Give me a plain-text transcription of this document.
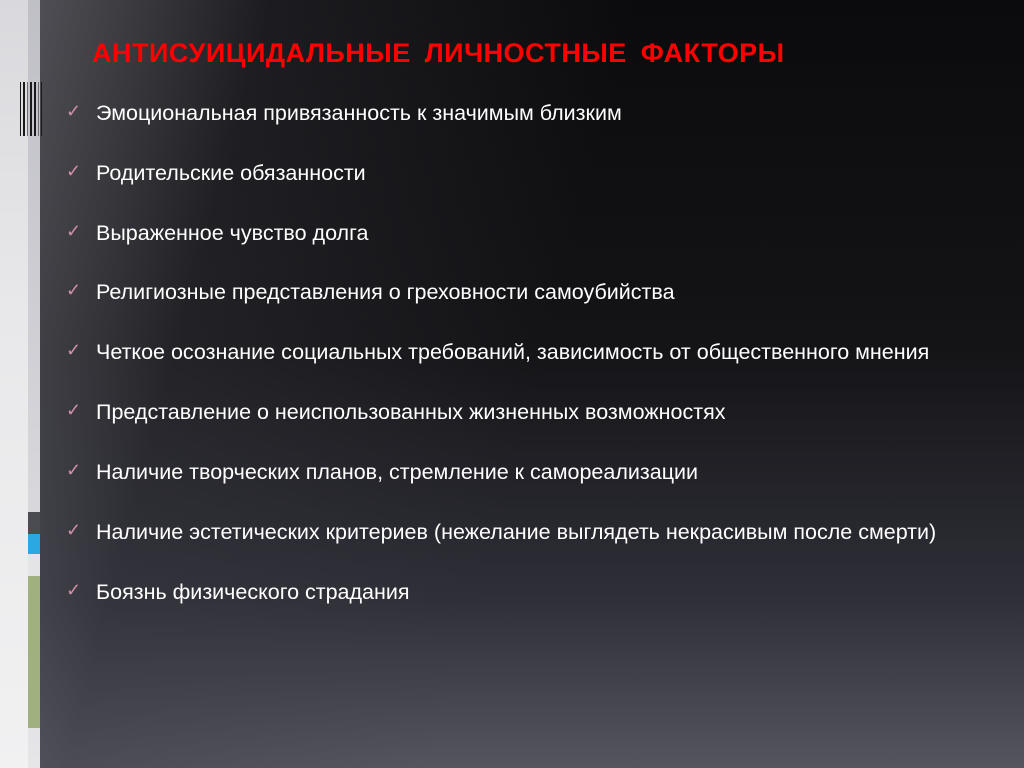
АНТИСУИЦИДАЛЬНЫЕ ЛИЧНОСТНЫЕ ФАКТОРЫ
✓ Эмоциональная привязанность к значимым близким
✓ Родительские обязанности
✓ Выраженное чувство долга
✓ Религиозные представления о греховности самоубийства
✓ Четкое осознание социальных требований, зависимость от общественного мнения
✓ Представление о неиспользованных жизненных возможностях
✓ Наличие творческих планов, стремление к самореализации
✓ Наличие эстетических критериев (нежелание выглядеть некрасивым после смерти)
✓ Боязнь физического страдания
